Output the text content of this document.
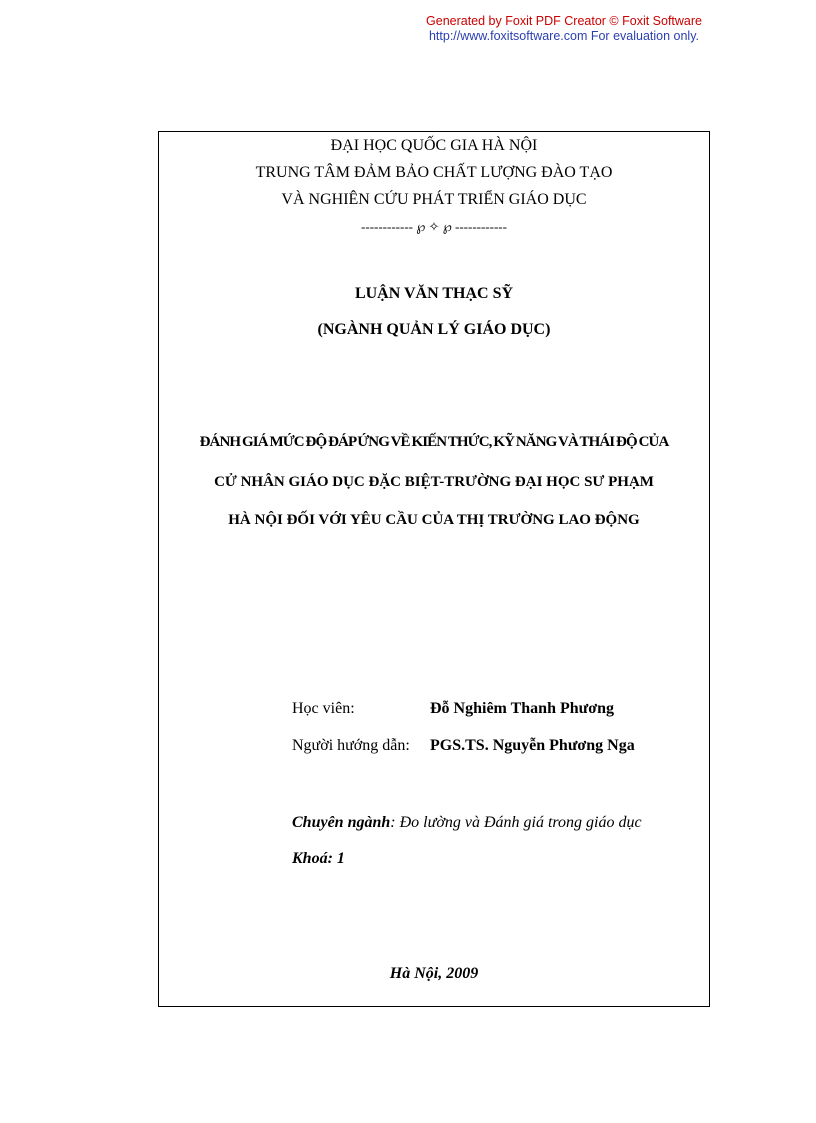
Generated by Foxit PDF Creator © Foxit Software
http://www.foxitsoftware.com For evaluation only.
ĐẠI HỌC QUỐC GIA HÀ NỘI
TRUNG TÂM ĐẢM BẢO CHẤT LƯỢNG ĐÀO TẠO
VÀ NGHIÊN CỨU PHÁT TRIỂN GIÁO DỤC
------------ ℘ ✧ ℘ ------------
LUẬN VĂN THẠC SỸ
(NGÀNH QUẢN LÝ GIÁO DỤC)
ĐÁNH GIÁ MỨC ĐỘ ĐÁP ỨNG VỀ KIẾN THỨC, KỸ NĂNG VÀ THÁI ĐỘ CỦA
CỬ NHÂN GIÁO DỤC ĐẶC BIỆT-TRƯỜNG ĐẠI HỌC SƯ PHẠM
HÀ NỘI ĐỐI VỚI YÊU CẦU CỦA THỊ TRƯỜNG LAO ĐỘNG
Học viên:	Đỗ Nghiêm Thanh Phương
Người hướng dẫn: PGS.TS. Nguyễn Phương Nga
Chuyên ngành: Đo lường và Đánh giá trong giáo dục
Khoá: 1
Hà Nội, 2009
